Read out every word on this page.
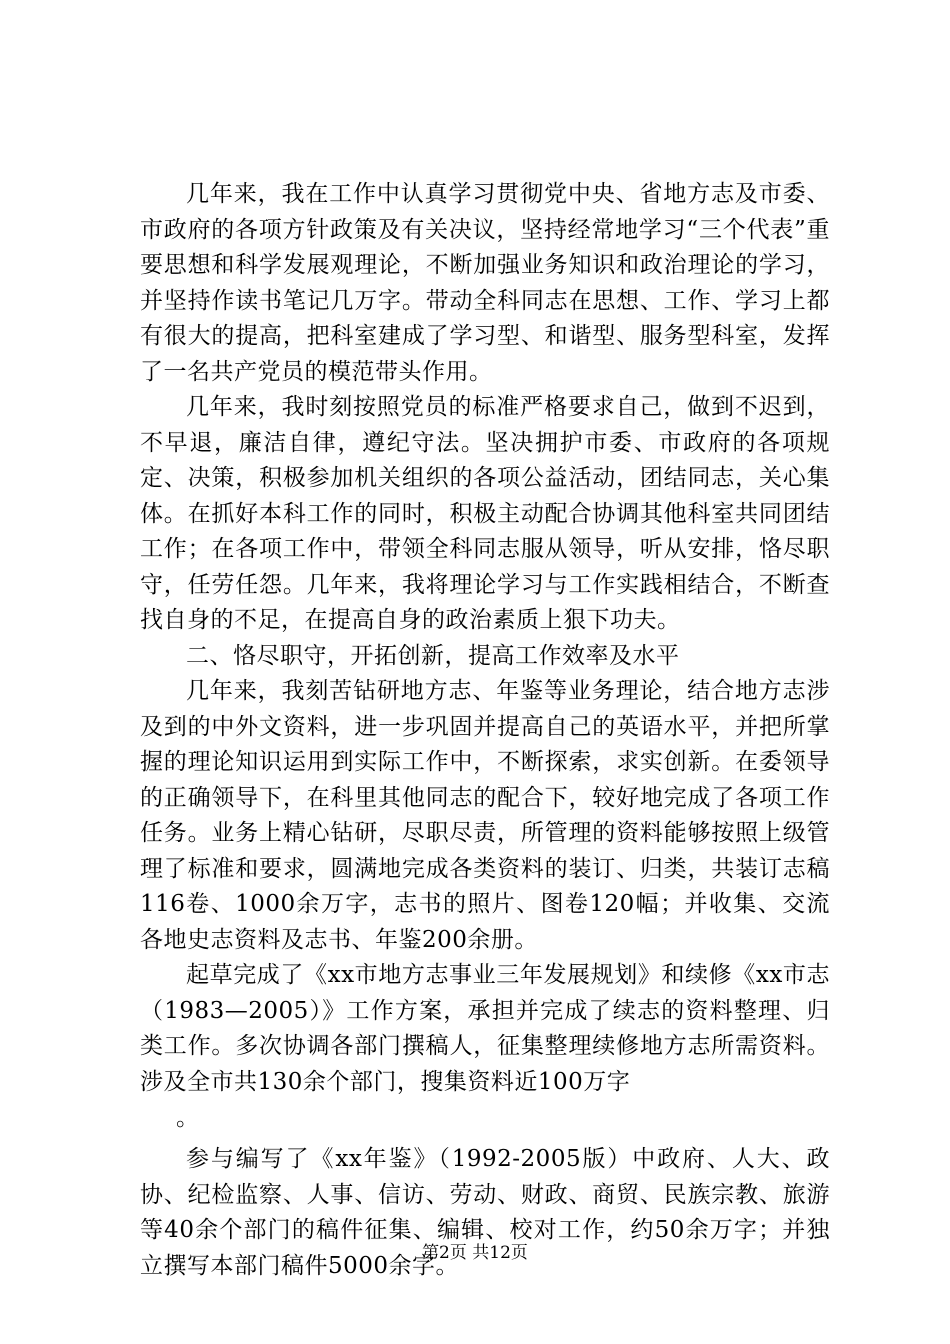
几年来，我在工作中认真学习贯彻党中央、省地方志及市委、市政府的各项方针政策及有关决议，坚持经常地学习“三个代表”重要思想和科学发展观理论，不断加强业务知识和政治理论的学习，并坚持作读书笔记几万字。带动全科同志在思想、工作、学习上都有很大的提高，把科室建成了学习型、和谐型、服务型科室，发挥了一名共产党员的模范带头作用。

几年来，我时刻按照党员的标准严格要求自己，做到不迟到，不早退，廉洁自律，遵纪守法。坚决拥护市委、市政府的各项规定、决策，积极参加机关组织的各项公益活动，团结同志，关心集体。在抓好本科工作的同时，积极主动配合协调其他科室共同团结工作；在各项工作中，带领全科同志服从领导，听从安排，恪尽职守，任劳任怨。几年来，我将理论学习与工作实践相结合，不断查找自身的不足，在提高自身的政治素质上狠下功夫。

二、恪尽职守，开拓创新，提高工作效率及水平

几年来，我刻苦钻研地方志、年鉴等业务理论，结合地方志涉及到的中外文资料，进一步巩固并提高自己的英语水平，并把所掌握的理论知识运用到实际工作中，不断探索，求实创新。在委领导的正确领导下，在科里其他同志的配合下，较好地完成了各项工作任务。业务上精心钻研，尽职尽责，所管理的资料能够按照上级管理了标准和要求，圆满地完成各类资料的装订、归类，共装订志稿116卷、1000余万字，志书的照片、图卷120幅；并收集、交流各地史志资料及志书、年鉴200余册。

起草完成了《xx市地方志事业三年发展规划》和续修《xx市志（1983—2005）》工作方案，承担并完成了续志的资料整理、归类工作。多次协调各部门撰稿人，征集整理续修地方志所需资料。涉及全市共130余个部门，搜集资料近100万字

。

参与编写了《xx年鉴》（1992-2005版）中政府、人大、政协、纪检监察、人事、信访、劳动、财政、商贸、民族宗教、旅游等40余个部门的稿件征集、编辑、校对工作，约50余万字；并独立撰写本部门稿件5000余字。

第2页 共12页
